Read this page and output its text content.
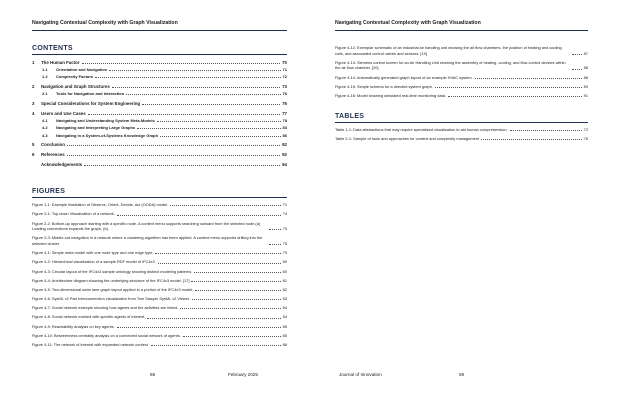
Navigating Contextual Complexity with Graph Visualization
CONTENTS
1	The Human Factor	70
1.1	Orientation and Navigation	71
1.2	Complexity Factors	72
2	Navigation and Graph Structures	73
2.1	Tools for Navigation and Interaction	76
3	Special Considerations for System Engineering	76
4	Users and Use Cases	77
4.1	Navigating and Understanding System Meta-Models	78
4.2	Navigating and Interpreting Large Graphs	83
4.3	Navigating in a System-of-Systems Knowledge Graph	86
5	Conclusion	92
6	References	92
Acknowledgements	94
FIGURES
Figure 1-1: Example illustration of Observe, Orient, Decide, Act (OODA) model.	71
Figure 2-1: Top-down Visualization of a network.	74
Figure 2-2: Bottom-up approach starting with a specific node. A context menu supports searching outward from the selected node.(a) Loading connections expands the graph, (b).	75
Figure 2-3: Middle-out navigation in a network where a clustering algorithm has been applied. A context menu supports drilling into the selected cluster.	75
Figure 4-1: Simple meta model with one node type and one edge type.	79
Figure 4-2: Hierarchical visualization of a sample RDF model of IFC4x3.	80
Figure 4-3: Circular layout of the IFC4x3 sample ontology showing distinct modeling patterns.	80
Figure 4-4: Architecture diagram showing the underlying structure of the IFC4x3 model. [17]	81
Figure 4-5: Two-dimensional swim lane graph layout applied to a portion of the IFC4x3 model.	82
Figure 4-6: SysML v2 Part Interconnection visualization from Tom Sawyer SysML v2 Viewer.	83
Figure 4-7: Social network example showing how agents and the activities are linked.	84
Figure 4-8: Social network marked with specific agents of interest.	84
Figure 4-9: Reachability analysis on key agents.	85
Figure 4-10: Betweenness centrality analysis on a connected social network of agents.	85
Figure 4-11: The network of interest with expanded network context.	86
Navigating Contextual Complexity with Graph Visualization
Figure 4-12: Exemplar schematic of an industrial air handling unit showing the air flow chambers, the position of heating and cooling coils, and associated control valves and sensors. [19]	87
Figure 4-13: Siemens control screen for an Air Handling Unit showing the assembly of heating, cooling, and flow control devices within the air flow chamber. [20]	88
Figure 4-14: Automatically generated graph layout of an example HVAC system.	88
Figure 4-15: Simple schema for a directed system graph.	89
Figure 4-16: Model showing simulated real-time monitoring data.	91
TABLES
Table 1-1: Data abstractions that may require specialized visualization to aid human comprehension.	72
Table 2-1: Sample of tools and approaches for context and complexity management	76
68	February 2025	Journal of Innovation	69
